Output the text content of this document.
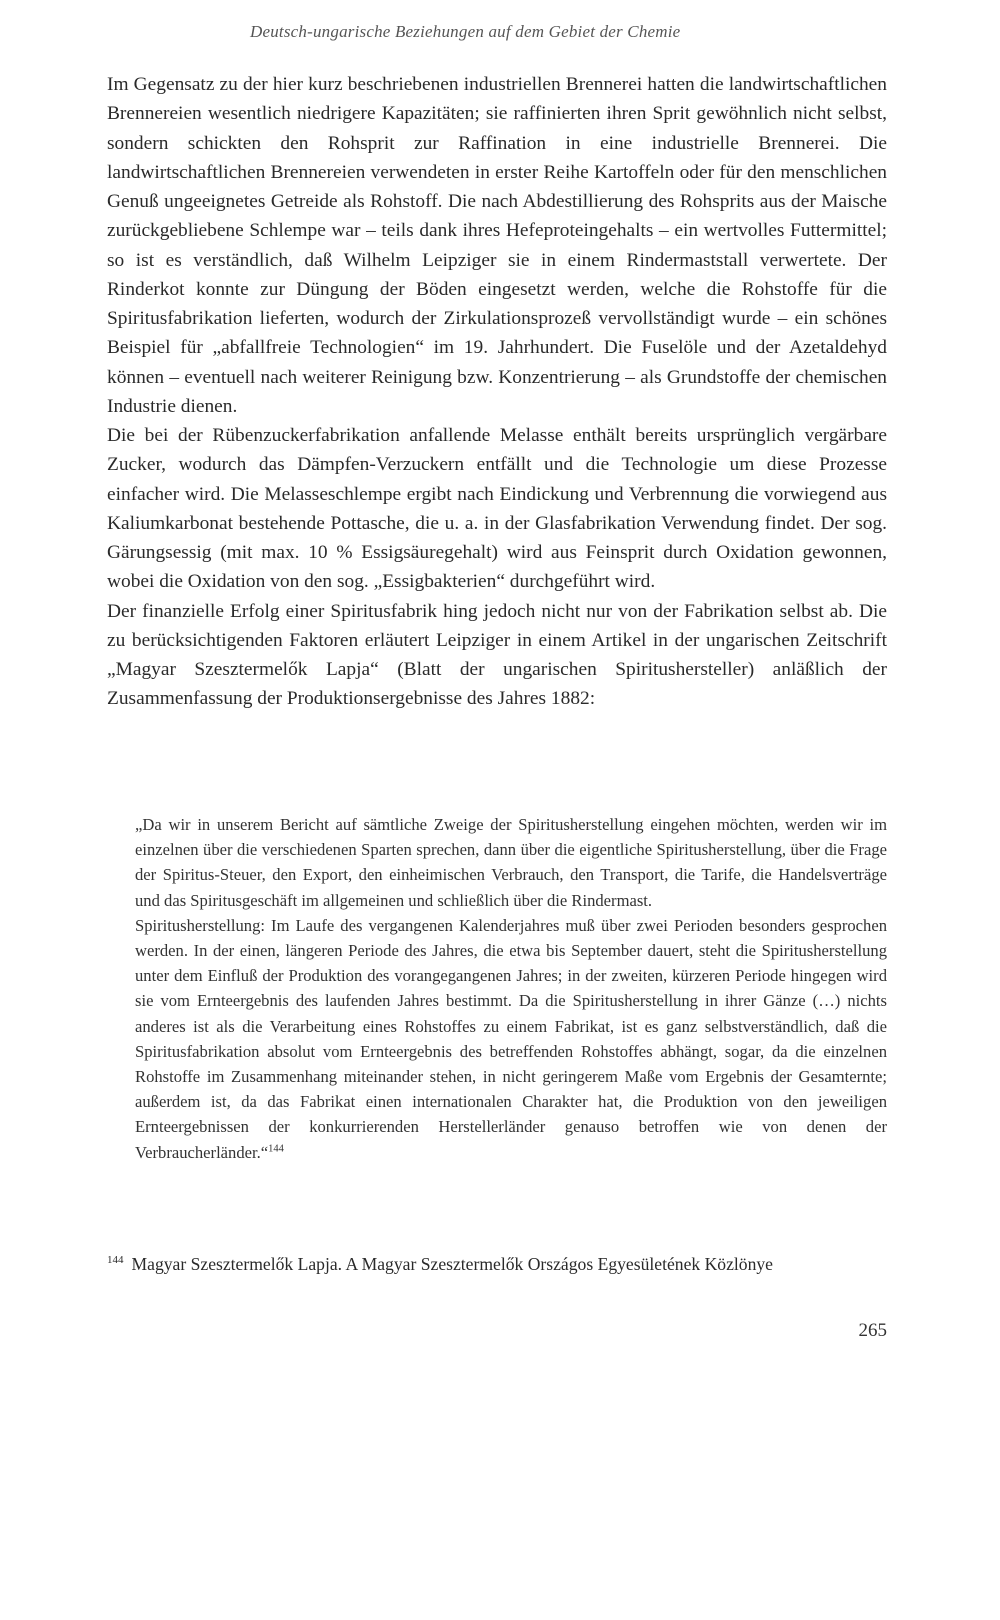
Deutsch-ungarische Beziehungen auf dem Gebiet der Chemie

Im Gegensatz zu der hier kurz beschriebenen industriellen Brennerei hatten die landwirtschaftlichen Brennereien wesentlich niedrigere Kapazitäten; sie raffinierten ihren Sprit gewöhnlich nicht selbst, sondern schickten den Rohsprit zur Raffination in eine industrielle Brennerei. Die landwirtschaftlichen Brennereien verwendeten in erster Reihe Kartoffeln oder für den menschlichen Genuß ungeeignetes Getreide als Rohstoff. Die nach Abdestillierung des Rohsprits aus der Maische zurückgebliebene Schlempe war – teils dank ihres Hefeproteingehalts – ein wertvolles Futtermittel; so ist es verständlich, daß Wilhelm Leipziger sie in einem Rindermaststall verwertete. Der Rinderkot konnte zur Düngung der Böden eingesetzt werden, welche die Rohstoffe für die Spiritusfabrikation lieferten, wodurch der Zirkulationsprozeß vervollständigt wurde – ein schönes Beispiel für „abfallfreie Technologien“ im 19. Jahrhundert. Die Fuselöle und der Azetaldehyd können – eventuell nach weiterer Reinigung bzw. Konzentrierung – als Grundstoffe der chemischen Industrie dienen.

Die bei der Rübenzuckerfabrikation anfallende Melasse enthält bereits ursprünglich vergärbare Zucker, wodurch das Dämpfen-Verzuckern entfällt und die Technologie um diese Prozesse einfacher wird. Die Melasseschlempe ergibt nach Eindickung und Verbrennung die vorwiegend aus Kaliumkarbonat bestehende Pottasche, die u. a. in der Glasfabrikation Verwendung findet. Der sog. Gärungsessig (mit max. 10 % Essigsäuregehalt) wird aus Feinsprit durch Oxidation gewonnen, wobei die Oxidation von den sog. „Essigbakterien“ durchgeführt wird.

Der finanzielle Erfolg einer Spiritusfabrik hing jedoch nicht nur von der Fabrikation selbst ab. Die zu berücksichtigenden Faktoren erläutert Leipziger in einem Artikel in der ungarischen Zeitschrift „Magyar Szesztermelők Lapja“ (Blatt der ungarischen Spiritushersteller) anläßlich der Zusammenfassung der Produktionsergebnisse des Jahres 1882:

„Da wir in unserem Bericht auf sämtliche Zweige der Spiritusherstellung eingehen möchten, werden wir im einzelnen über die verschiedenen Sparten sprechen, dann über die eigentliche Spiritusherstellung, über die Frage der Spiritus-Steuer, den Export, den einheimischen Verbrauch, den Transport, die Tarife, die Handelsverträge und das Spiritusgeschäft im allgemeinen und schließlich über die Rindermast.

Spiritusherstellung: Im Laufe des vergangenen Kalenderjahres muß über zwei Perioden besonders gesprochen werden. In der einen, längeren Periode des Jahres, die etwa bis September dauert, steht die Spiritusherstellung unter dem Einfluß der Produktion des vorangegangenen Jahres; in der zweiten, kürzeren Periode hingegen wird sie vom Ernteergebnis des laufenden Jahres bestimmt. Da die Spiritusherstellung in ihrer Gänze (…) nichts anderes ist als die Verarbeitung eines Rohstoffes zu einem Fabrikat, ist es ganz selbstverständlich, daß die Spiritusfabrikation absolut vom Ernteergebnis des betreffenden Rohstoffes abhängt, sogar, da die einzelnen Rohstoffe im Zusammenhang miteinander stehen, in nicht geringerem Maße vom Ergebnis der Gesamternte; außerdem ist, da das Fabrikat einen internationalen Charakter hat, die Produktion von den jeweiligen Ernteergebnissen der konkurrierenden Herstellerländer genauso betroffen wie von denen der Verbraucherländer.“$^{144}$

$^{144}$ Magyar Szesztermelők Lapja. A Magyar Szesztermelők Országos Egyesületének Közlönye
265
